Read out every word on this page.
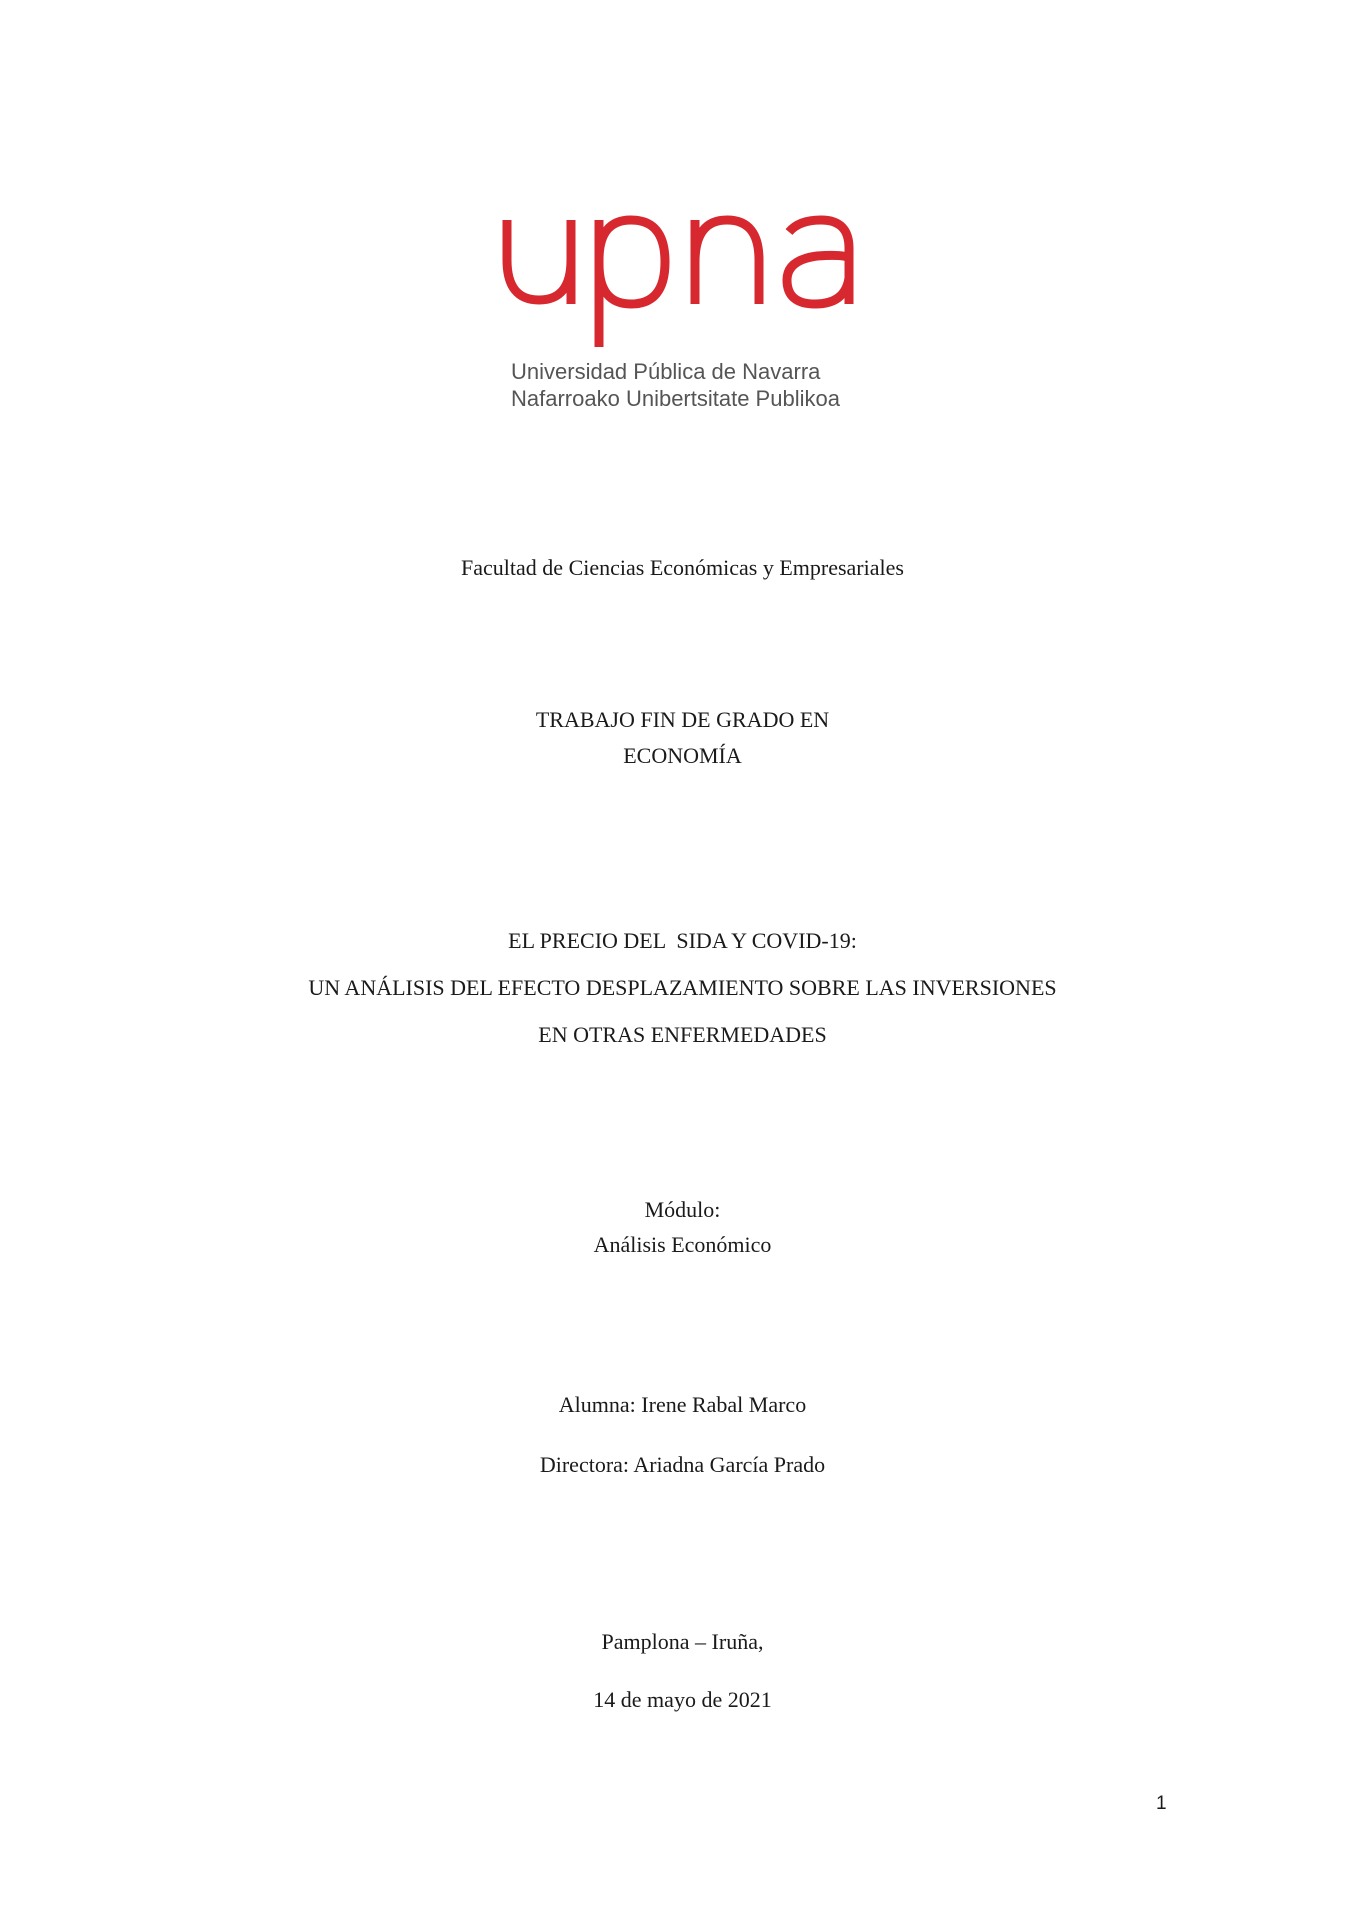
Universidad Pública de Navarra
Nafarroako Unibertsitate Publikoa
Facultad de Ciencias Económicas y Empresariales
TRABAJO FIN DE GRADO EN
ECONOMÍA
EL PRECIO DEL  SIDA Y COVID-19:
UN ANÁLISIS DEL EFECTO DESPLAZAMIENTO SOBRE LAS INVERSIONES
EN OTRAS ENFERMEDADES
Módulo:
Análisis Económico
Alumna: Irene Rabal Marco
Directora: Ariadna García Prado
Pamplona – Iruña,
14 de mayo de 2021
1
